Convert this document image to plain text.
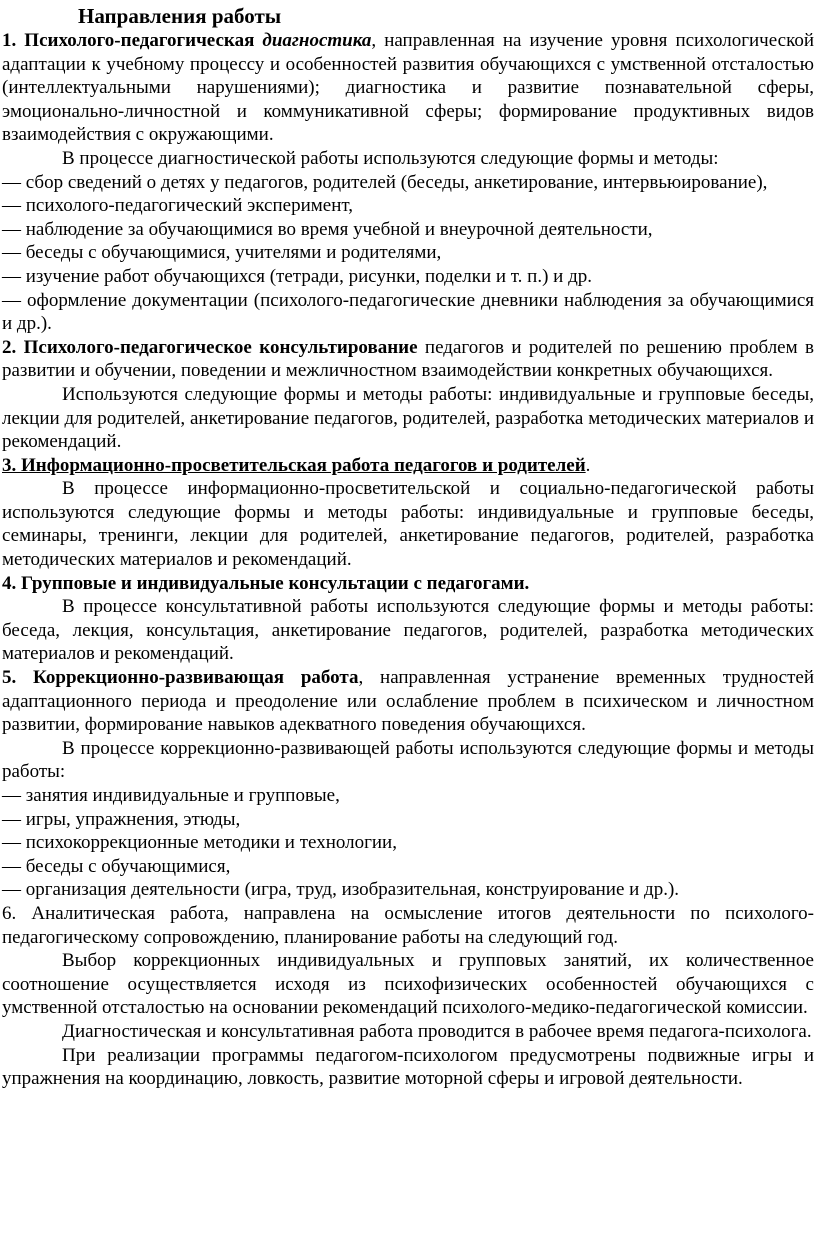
Направления работы

1. Психолого-педагогическая диагностика, направленная на изучение уровня психологической адаптации к учебному процессу и особенностей развития обучающихся с умственной отсталостью (интеллектуальными нарушениями); диагностика и развитие познавательной сферы, эмоционально-личностной и коммуникативной сферы; формирование продуктивных видов взаимодействия с окружающими.

В процессе диагностической работы используются следующие формы и методы:

— сбор сведений о детях у педагогов, родителей (беседы, анкетирование, интервьюирование),

— психолого-педагогический эксперимент,

— наблюдение за обучающимися во время учебной и внеурочной деятельности,

— беседы с обучающимися, учителями и родителями,

— изучение работ обучающихся (тетради, рисунки, поделки и т. п.) и др.

— оформление документации (психолого-педагогические дневники наблюдения за обучающимися и др.).

2. Психолого-педагогическое консультирование педагогов и родителей по решению проблем в развитии и обучении, поведении и межличностном взаимодействии конкретных обучающихся.

Используются следующие формы и методы работы: индивидуальные и групповые беседы, лекции для родителей, анкетирование педагогов, родителей, разработка методических материалов и рекомендаций.

3. Информационно-просветительская работа педагогов и родителей.

В процессе информационно-просветительской и социально-педагогической работы используются следующие формы и методы работы: индивидуальные и групповые беседы, семинары, тренинги, лекции для родителей, анкетирование педагогов, родителей, разработка методических материалов и рекомендаций.

4. Групповые и индивидуальные консультации с педагогами.

В процессе консультативной работы используются следующие формы и методы работы: беседа, лекция, консультация, анкетирование педагогов, родителей, разработка методических материалов и рекомендаций.

5. Коррекционно-развивающая работа, направленная устранение временных трудностей адаптационного периода и преодоление или ослабление проблем в психическом и личностном развитии, формирование навыков адекватного поведения обучающихся.

В процессе коррекционно-развивающей работы используются следующие формы и методы работы:

— занятия индивидуальные и групповые,

— игры, упражнения, этюды,

— психокоррекционные методики и технологии,

— беседы с обучающимися,

— организация деятельности (игра, труд, изобразительная, конструирование и др.).

6. Аналитическая работа, направлена на осмысление итогов деятельности по психолого-педагогическому сопровождению, планирование работы на следующий год.

Выбор коррекционных индивидуальных и групповых занятий, их количественное соотношение осуществляется исходя из психофизических особенностей обучающихся с умственной отсталостью на основании рекомендаций психолого-медико-педагогической комиссии.

Диагностическая и консультативная работа проводится в рабочее время педагога-психолога.

При реализации программы педагогом-психологом предусмотрены подвижные игры и упражнения на координацию, ловкость, развитие моторной сферы и игровой деятельности.
